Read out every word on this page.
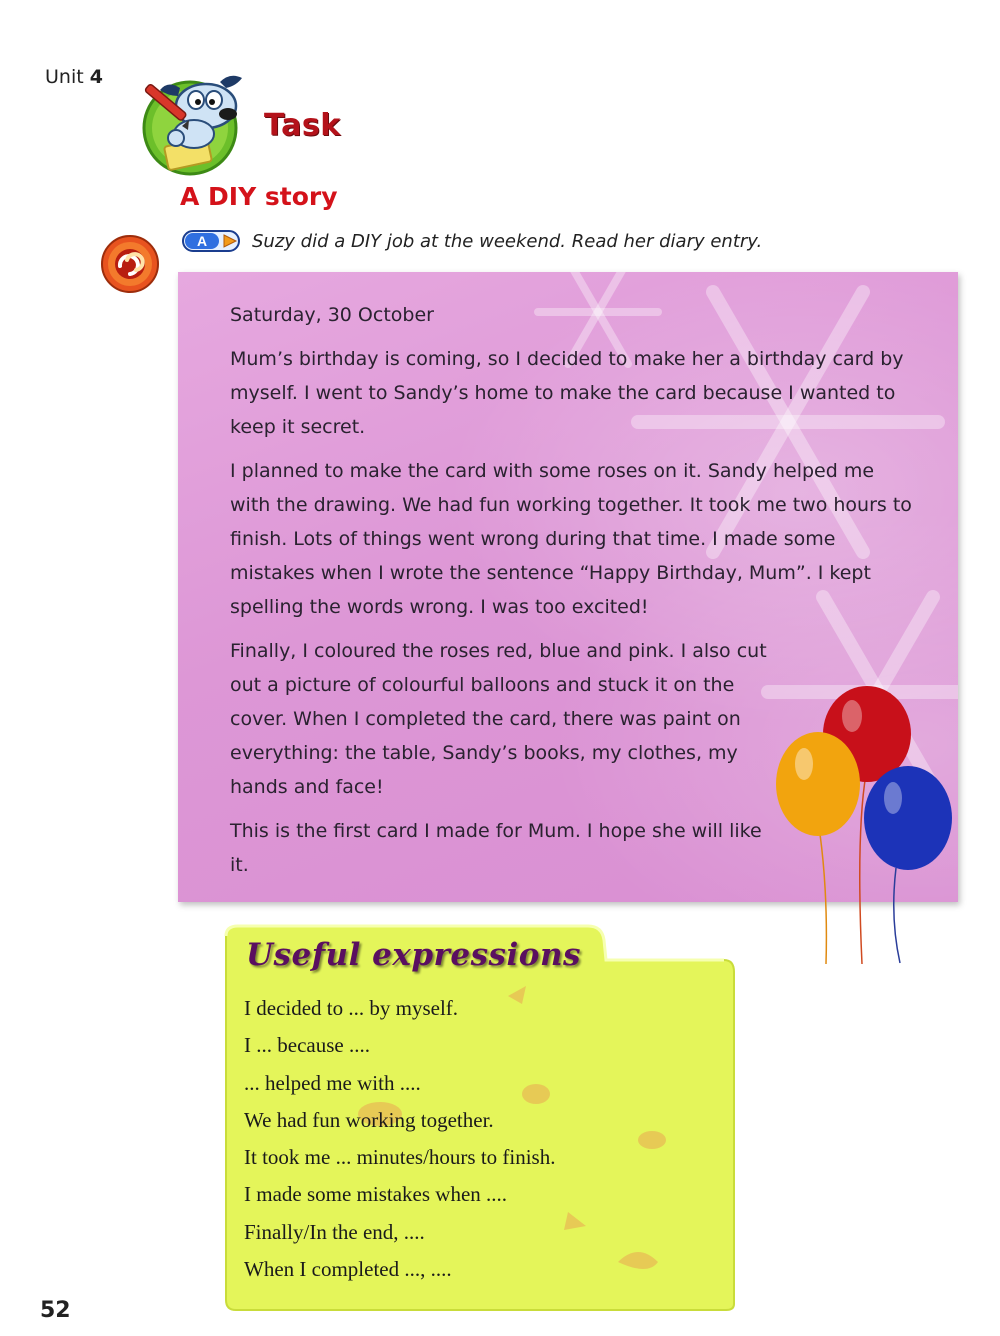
Unit 4
Task
A DIY story
A Suzy did a DIY job at the weekend. Read her diary entry.
Saturday, 30 October
Mum’s birthday is coming, so I decided to make her a birthday card by myself. I went to Sandy’s home to make the card because I wanted to keep it secret.
I planned to make the card with some roses on it. Sandy helped me with the drawing. We had fun working together. It took me two hours to finish. Lots of things went wrong during that time. I made some mistakes when I wrote the sentence “Happy Birthday, Mum”. I kept spelling the words wrong. I was too excited!
Finally, I coloured the roses red, blue and pink. I also cut out a picture of colourful balloons and stuck it on the cover. When I completed the card, there was paint on everything: the table, Sandy’s books, my clothes, my hands and face!
This is the first card I made for Mum. I hope she will like it.
Useful expressions
I decided to ... by myself.
I ... because ....
... helped me with ....
We had fun working together.
It took me ... minutes/hours to finish.
I made some mistakes when ....
Finally/In the end, ....
When I completed ..., ....
52
